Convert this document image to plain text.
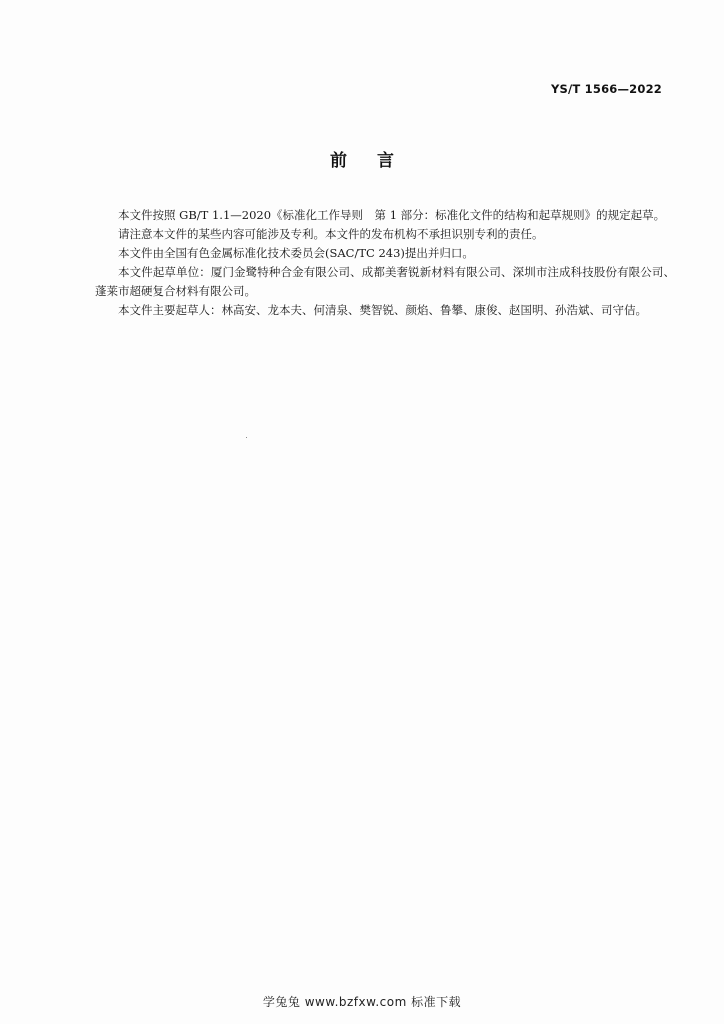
YS/T 1566—2022
前言

本文件按照 GB/T 1.1—2020《标准化工作导则　第 1 部分：标准化文件的结构和起草规则》的规定起草。

请注意本文件的某些内容可能涉及专利。本文件的发布机构不承担识别专利的责任。

本文件由全国有色金属标准化技术委员会(SAC/TC 243)提出并归口。

本文件起草单位：厦门金鹭特种合金有限公司、成都美奢锐新材料有限公司、深圳市注成科技股份有限公司、蓬莱市超硬复合材料有限公司。

本文件主要起草人：林高安、龙本夫、何清泉、樊智锐、颜焰、鲁攀、康俊、赵国明、孙浩斌、司守佶。

学兔兔 www.bzfxw.com 标准下载
